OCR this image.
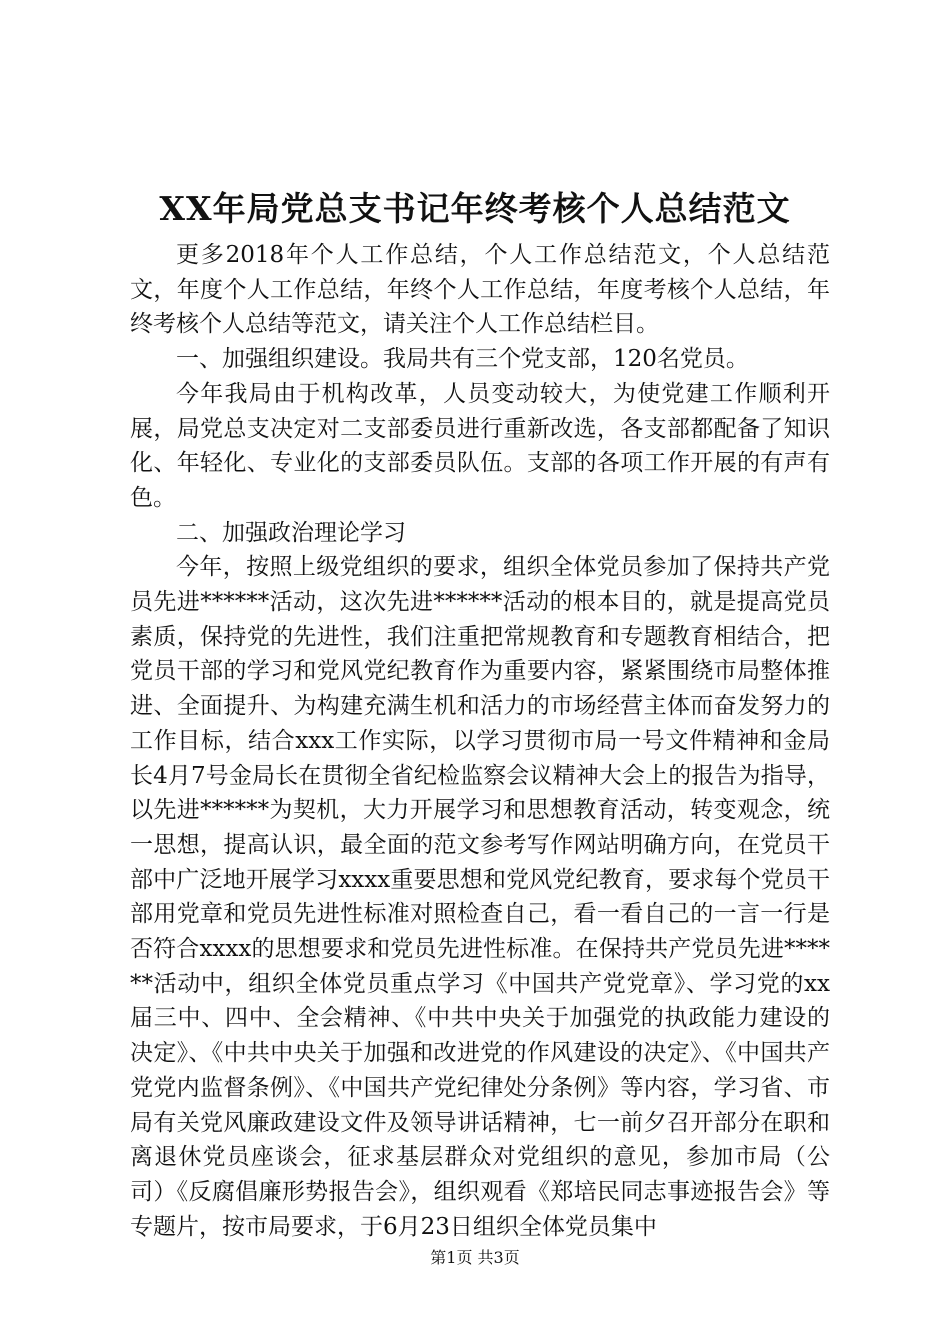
XX年局党总支书记年终考核个人总结范文

更多2018年个人工作总结，个人工作总结范文，个人总结范文，年度个人工作总结，年终个人工作总结，年度考核个人总结，年终考核个人总结等范文，请关注个人工作总结栏目。

一、加强组织建设。我局共有三个党支部，120名党员。

今年我局由于机构改革，人员变动较大，为使党建工作顺利开展，局党总支决定对二支部委员进行重新改选，各支部都配备了知识化、年轻化、专业化的支部委员队伍。支部的各项工作开展的有声有色。

二、加强政治理论学习

今年，按照上级党组织的要求，组织全体党员参加了保持共产党员先进******活动，这次先进******活动的根本目的，就是提高党员素质，保持党的先进性，我们注重把常规教育和专题教育相结合，把党员干部的学习和党风党纪教育作为重要内容，紧紧围绕市局整体推进、全面提升、为构建充满生机和活力的市场经营主体而奋发努力的工作目标，结合xxx工作实际，以学习贯彻市局一号文件精神和金局长4月7号金局长在贯彻全省纪检监察会议精神大会上的报告为指导，以先进******为契机，大力开展学习和思想教育活动，转变观念，统一思想，提高认识，最全面的范文参考写作网站明确方向，在党员干部中广泛地开展学习xxxx重要思想和党风党纪教育，要求每个党员干部用党章和党员先进性标准对照检查自己，看一看自己的一言一行是否符合xxxx的思想要求和党员先进性标准。在保持共产党员先进******活动中，组织全体党员重点学习《中国共产党党章》、学习党的xx届三中、四中、全会精神、《中共中央关于加强党的执政能力建设的决定》、《中共中央关于加强和改进党的作风建设的决定》、《中国共产党党内监督条例》、《中国共产党纪律处分条例》等内容，学习省、市局有关党风廉政建设文件及领导讲话精神，七一前夕召开部分在职和离退休党员座谈会，征求基层群众对党组织的意见，参加市局（公司）《反腐倡廉形势报告会》，组织观看《郑培民同志事迹报告会》等专题片，按市局要求，于6月23日组织全体党员集中

第1页 共3页
